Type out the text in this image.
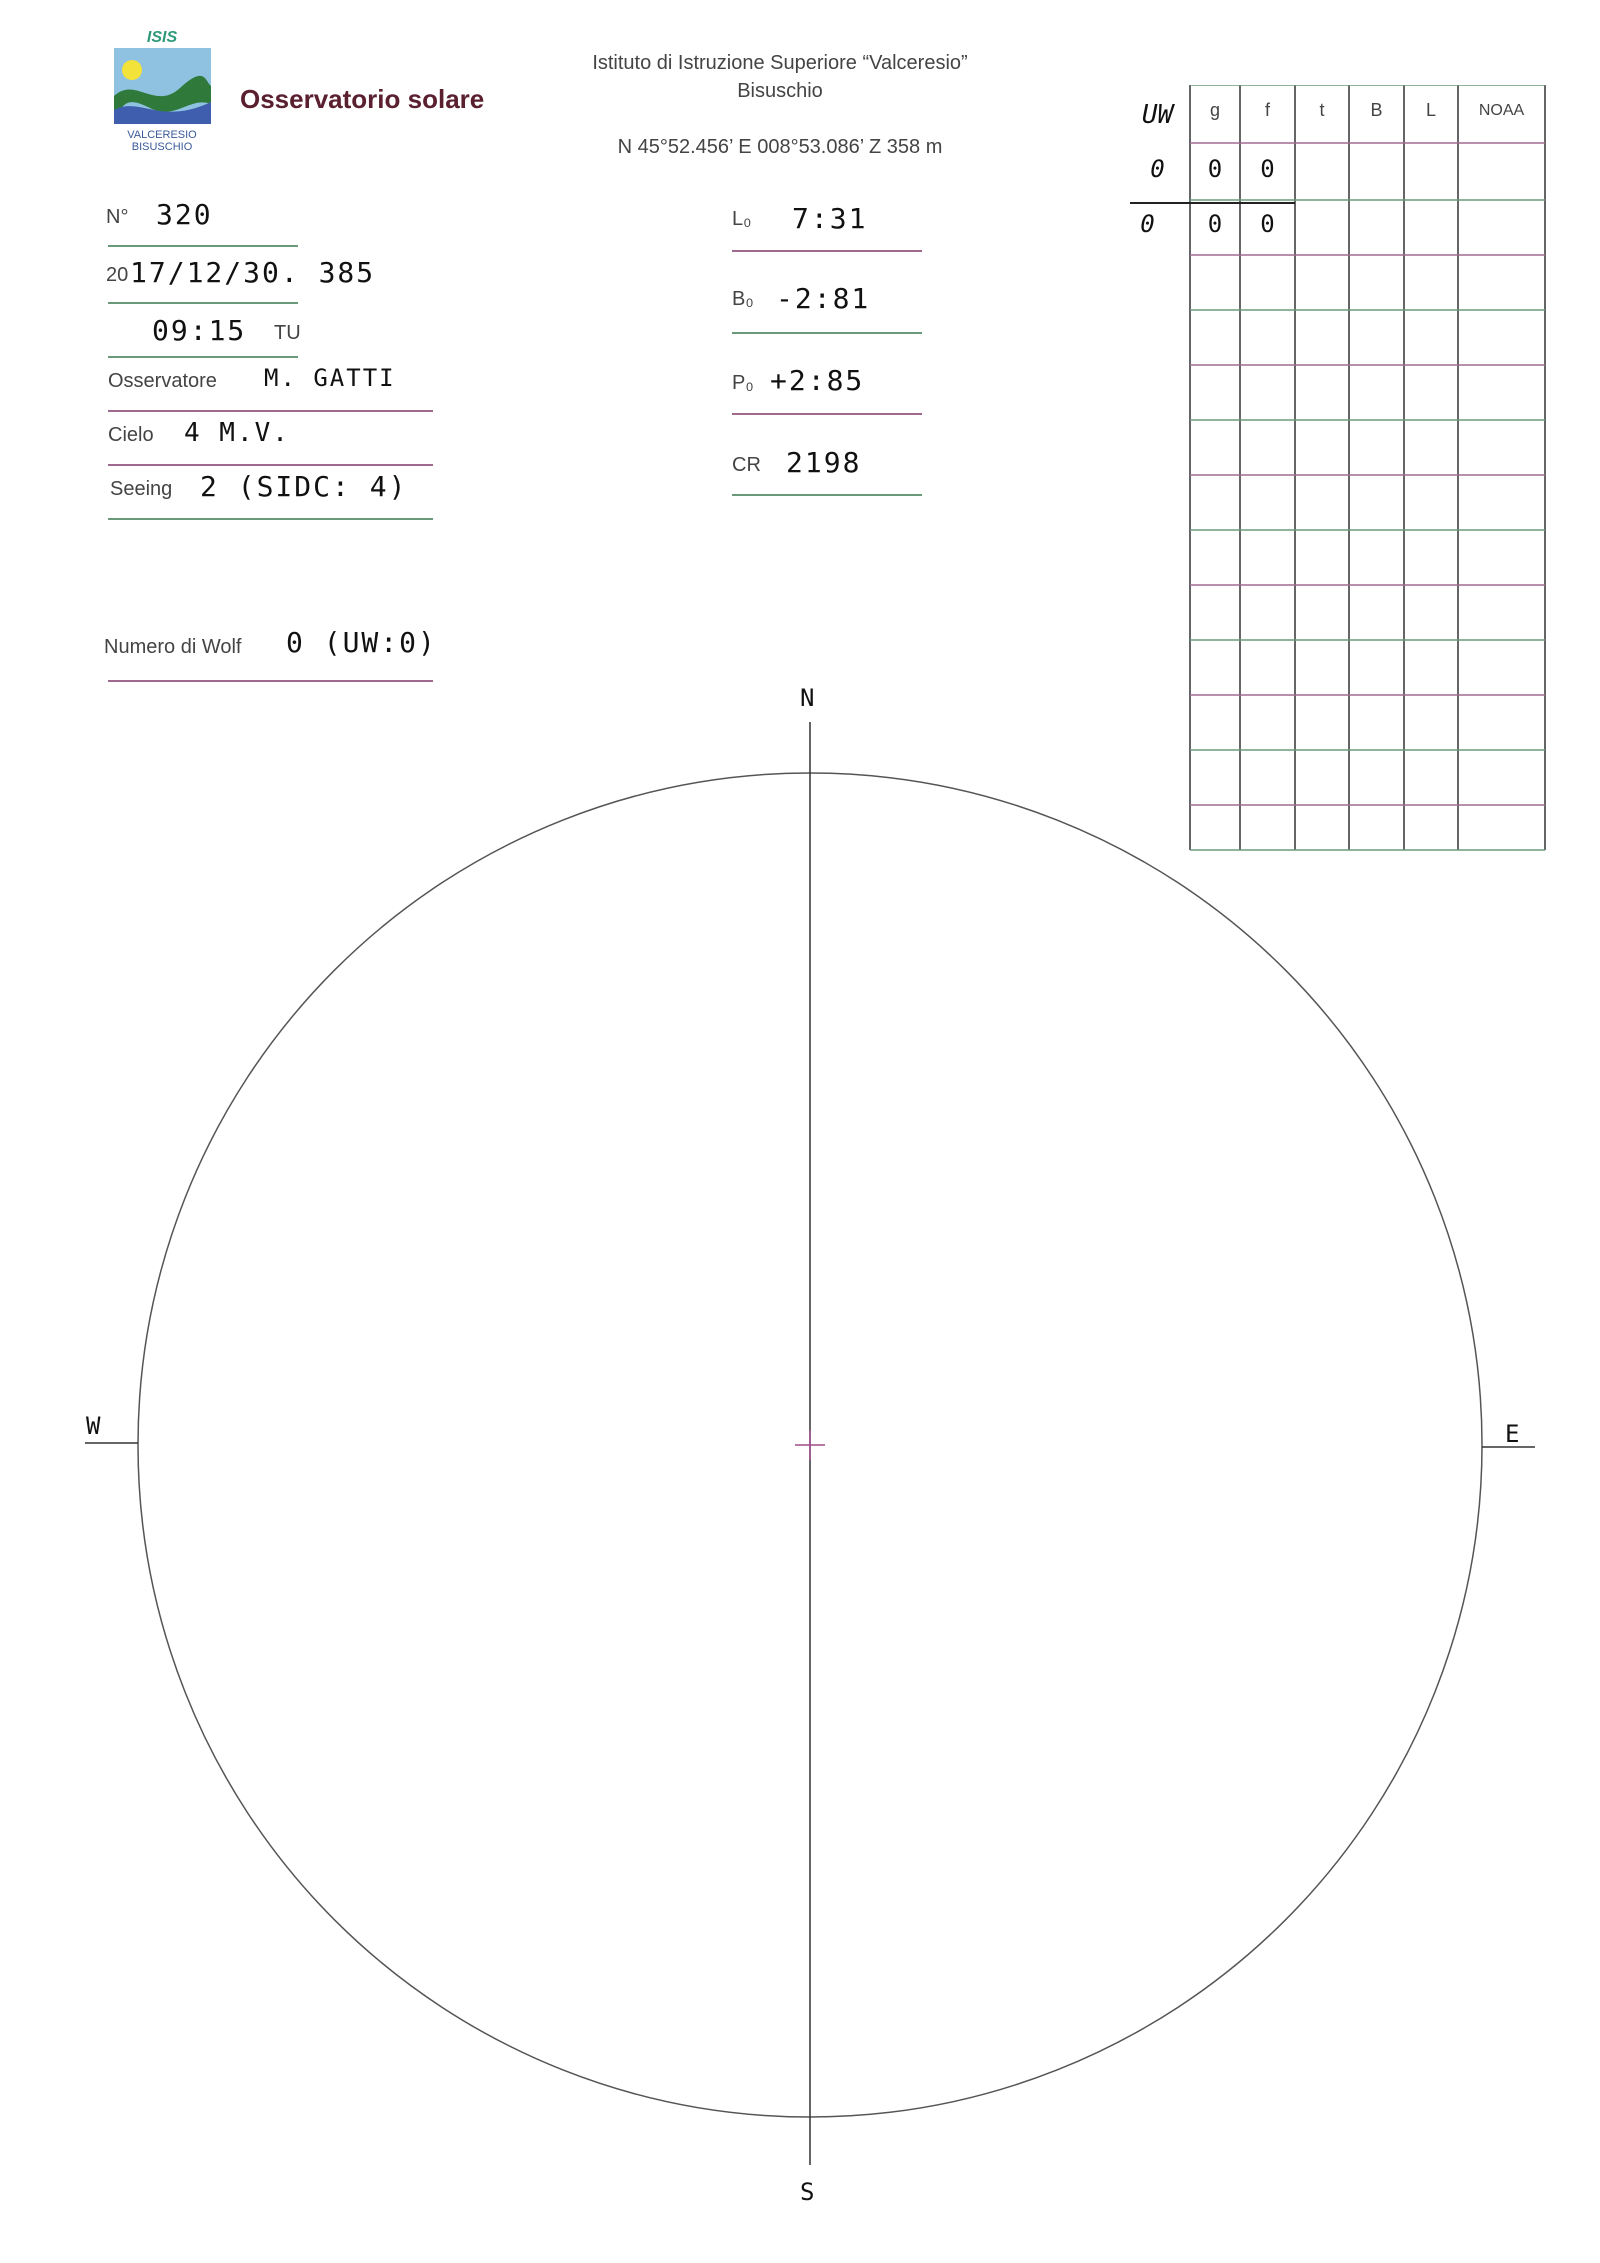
ISIS
VALCERESIO
BISUSCHIO
Osservatorio solare
Istituto di Istruzione Superiore “Valceresio”
Bisuschio
N 45°52.456’ E 008°53.086’ Z 358 m
N° 320
20 17/12/30. 385
09:15 TU
Osservatore M. GATTI
Cielo 4 M.V.
Seeing 2 (SIDC: 4)
Numero di Wolf 0 (UW:0)
L₀ 7:31
B₀ -2:81
P₀ +2:85
CR 2198
UW	g	f	t	B	L	NOAA
0	0	0
0	0	0
N
S
E
W
